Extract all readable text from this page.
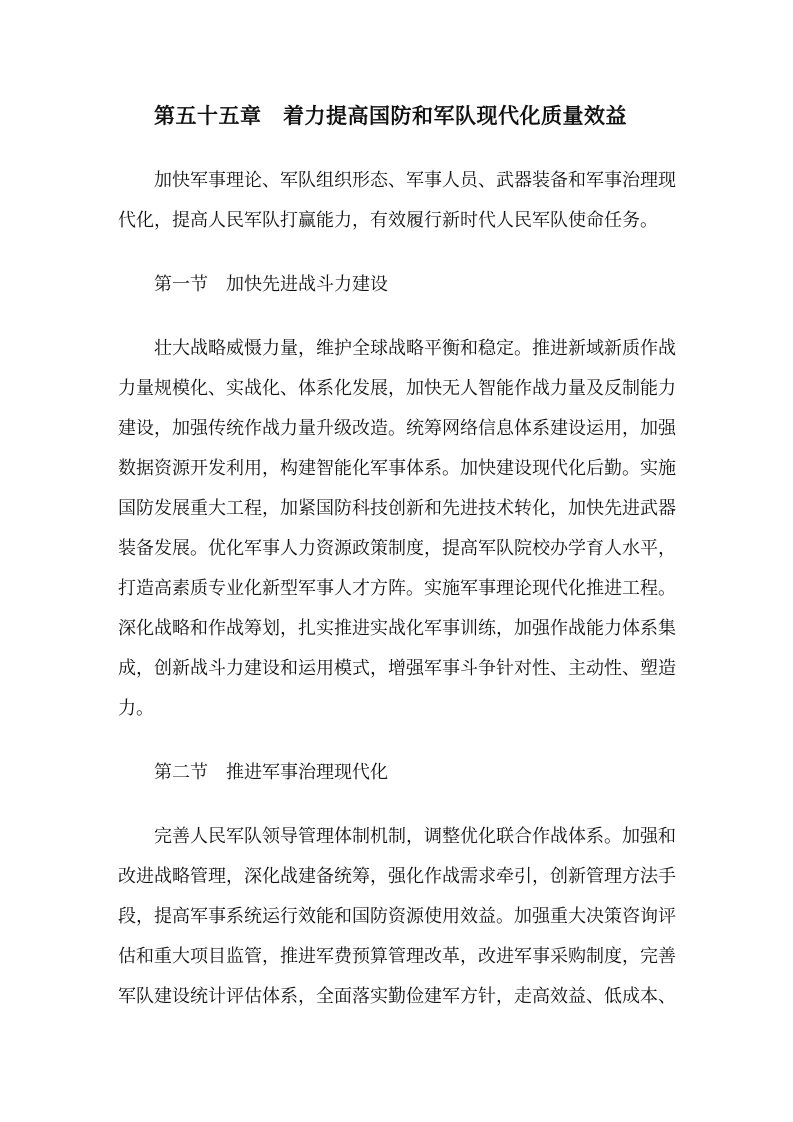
第五十五章　着力提高国防和军队现代化质量效益
加快军事理论、军队组织形态、军事人员、武器装备和军事治理现
代化，提高人民军队打赢能力，有效履行新时代人民军队使命任务。
第一节　加快先进战斗力建设
壮大战略威慑力量，维护全球战略平衡和稳定。推进新域新质作战
力量规模化、实战化、体系化发展，加快无人智能作战力量及反制能力
建设，加强传统作战力量升级改造。统筹网络信息体系建设运用，加强
数据资源开发利用，构建智能化军事体系。加快建设现代化后勤。实施
国防发展重大工程，加紧国防科技创新和先进技术转化，加快先进武器
装备发展。优化军事人力资源政策制度，提高军队院校办学育人水平，
打造高素质专业化新型军事人才方阵。实施军事理论现代化推进工程。
深化战略和作战筹划，扎实推进实战化军事训练，加强作战能力体系集
成，创新战斗力建设和运用模式，增强军事斗争针对性、主动性、塑造
力。
第二节　推进军事治理现代化
完善人民军队领导管理体制机制，调整优化联合作战体系。加强和
改进战略管理，深化战建备统筹，强化作战需求牵引，创新管理方法手
段，提高军事系统运行效能和国防资源使用效益。加强重大决策咨询评
估和重大项目监管，推进军费预算管理改革，改进军事采购制度，完善
军队建设统计评估体系，全面落实勤俭建军方针，走高效益、低成本、
